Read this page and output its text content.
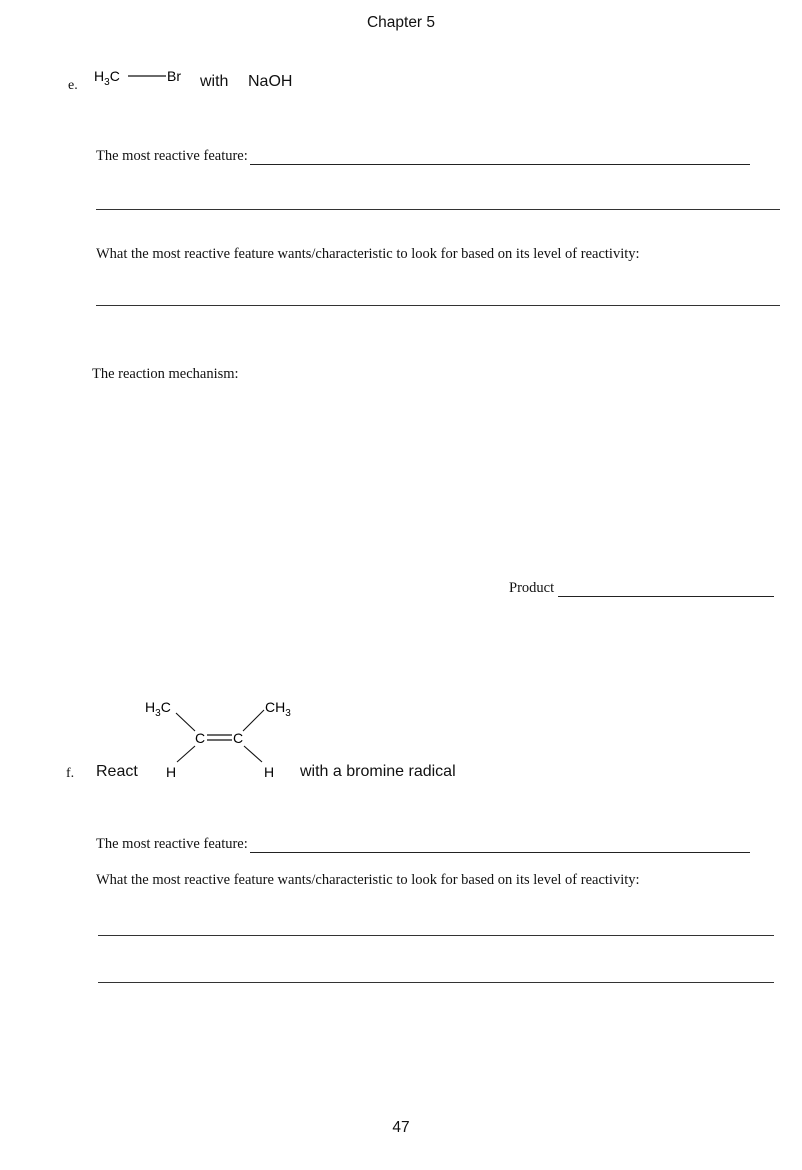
Chapter 5
e.
$H_3C$	Br with NaOH
The most reactive feature:
What the most reactive feature wants/characteristic to look for based on its level of reactivity:
The reaction mechanism:
Product
f. React
$H_3C$	$CH_3$
C C
H	H with a bromine radical
The most reactive feature:
What the most reactive feature wants/characteristic to look for based on its level of reactivity:
47
